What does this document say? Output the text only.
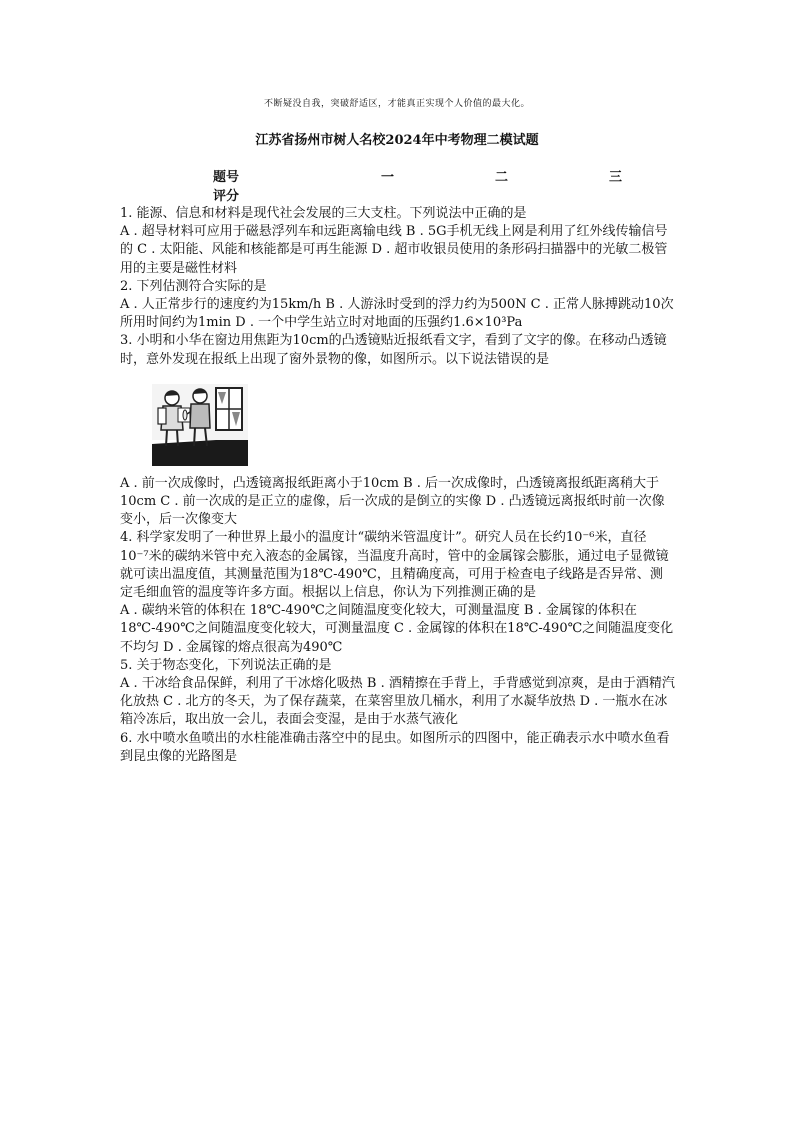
不断疑没自我，突破舒适区，才能真正实现个人价值的最大化。
江苏省扬州市树人名校2024年中考物理二模试题
题号	一	二	三
评分

1. 能源、信息和材料是现代社会发展的三大支柱。下列说法中正确的是

A . 超导材料可应用于磁悬浮列车和远距离输电线 B . 5G手机无线上网是利用了红外线传输信号的 C . 太阳能、风能和核能都是可再生能源 D . 超市收银员使用的条形码扫描器中的光敏二极管用的主要是磁性材料

2. 下列估测符合实际的是

A . 人正常步行的速度约为15km/h B . 人游泳时受到的浮力约为500N C . 正常人脉搏跳动10次所用时间约为1min D . 一个中学生站立时对地面的压强约1.6×10³Pa

3. 小明和小华在窗边用焦距为10cm的凸透镜贴近报纸看文字，看到了文字的像。在移动凸透镜时，意外发现在报纸上出现了窗外景物的像，如图所示。以下说法错误的是

A . 前一次成像时，凸透镜离报纸距离小于10cm B . 后一次成像时，凸透镜离报纸距离稍大于10cm C . 前一次成的是正立的虚像，后一次成的是倒立的实像 D . 凸透镜远离报纸时前一次像变小，后一次像变大

4. 科学家发明了一种世界上最小的温度计“碳纳米管温度计”。研究人员在长约10⁻⁶米，直径10⁻⁷米的碳纳米管中充入液态的金属镓，当温度升高时，管中的金属镓会膨胀，通过电子显微镜就可读出温度值，其测量范围为18℃-490℃，且精确度高，可用于检查电子线路是否异常、测定毛细血管的温度等许多方面。根据以上信息，你认为下列推测正确的是

A . 碳纳米管的体积在 18℃-490℃之间随温度变化较大，可测量温度 B . 金属镓的体积在18℃-490℃之间随温度变化较大，可测量温度 C . 金属镓的体积在18℃-490℃之间随温度变化不均匀 D . 金属镓的熔点很高为490℃

5. 关于物态变化，下列说法正确的是

A . 干冰给食品保鲜，利用了干冰熔化吸热 B . 酒精擦在手背上，手背感觉到凉爽，是由于酒精汽化放热 C . 北方的冬天，为了保存蔬菜，在菜窖里放几桶水，利用了水凝华放热 D . 一瓶水在冰箱冷冻后，取出放一会儿，表面会变湿，是由于水蒸气液化

6. 水中喷水鱼喷出的水柱能准确击落空中的昆虫。如图所示的四图中，能正确表示水中喷水鱼看到昆虫像的光路图是
